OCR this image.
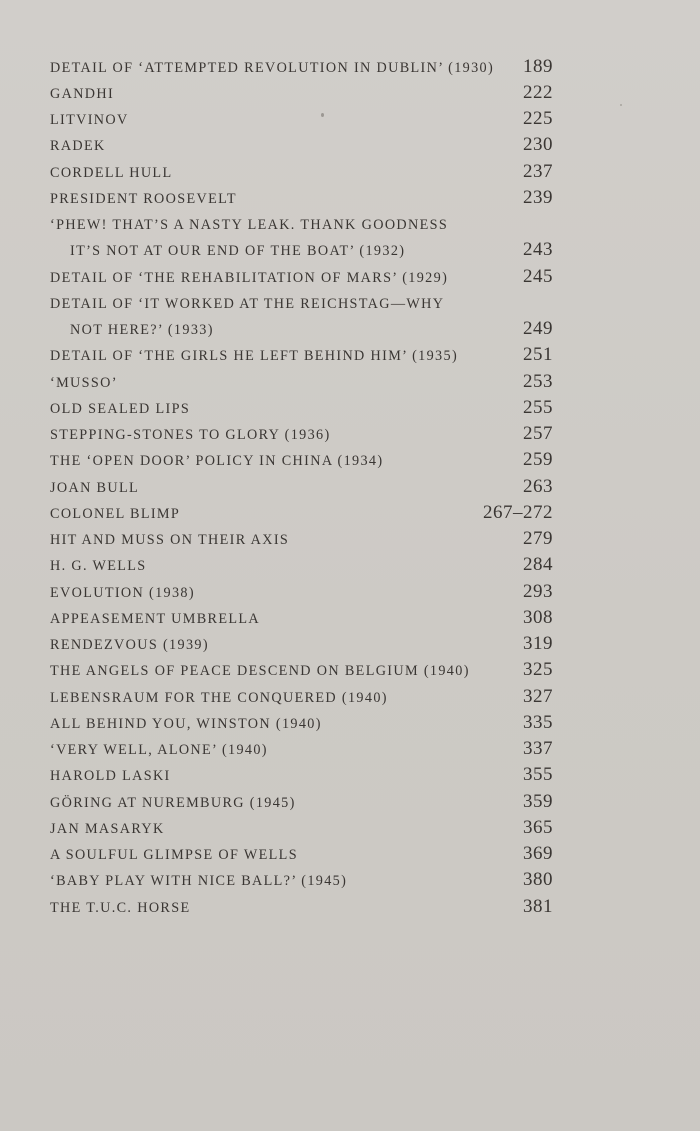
DETAIL OF ‘ATTEMPTED REVOLUTION IN DUBLIN’ (1930) 189
GANDHI	222
LITVINOV	225
RADEK	230
CORDELL HULL	237
PRESIDENT ROOSEVELT	239
‘PHEW! THAT’S A NASTY LEAK. THANK GOODNESS
IT’S NOT AT OUR END OF THE BOAT’ (1932)	243
DETAIL OF ‘THE REHABILITATION OF MARS’ (1929)	245
DETAIL OF ‘IT WORKED AT THE REICHSTAG—WHY
NOT HERE?’ (1933)	249
DETAIL OF ‘THE GIRLS HE LEFT BEHIND HIM’ (1935)	251
‘MUSSO’	253
OLD SEALED LIPS	255
STEPPING-STONES TO GLORY (1936)	257
THE ‘OPEN DOOR’ POLICY IN CHINA (1934)	259
JOAN BULL	263
COLONEL BLIMP	267–272
HIT AND MUSS ON THEIR AXIS	279
H. G. WELLS	284
EVOLUTION (1938)	293
APPEASEMENT UMBRELLA	308
RENDEZVOUS (1939)	319
THE ANGELS OF PEACE DESCEND ON BELGIUM (1940)	325
LEBENSRAUM FOR THE CONQUERED (1940)	327
ALL BEHIND YOU, WINSTON (1940)	335
‘VERY WELL, ALONE’ (1940)	337
HAROLD LASKI	355
GÖRING AT NUREMBURG (1945)	359
JAN MASARYK	365
A SOULFUL GLIMPSE OF WELLS	369
‘BABY PLAY WITH NICE BALL?’ (1945)	380
THE T.U.C. HORSE	381
